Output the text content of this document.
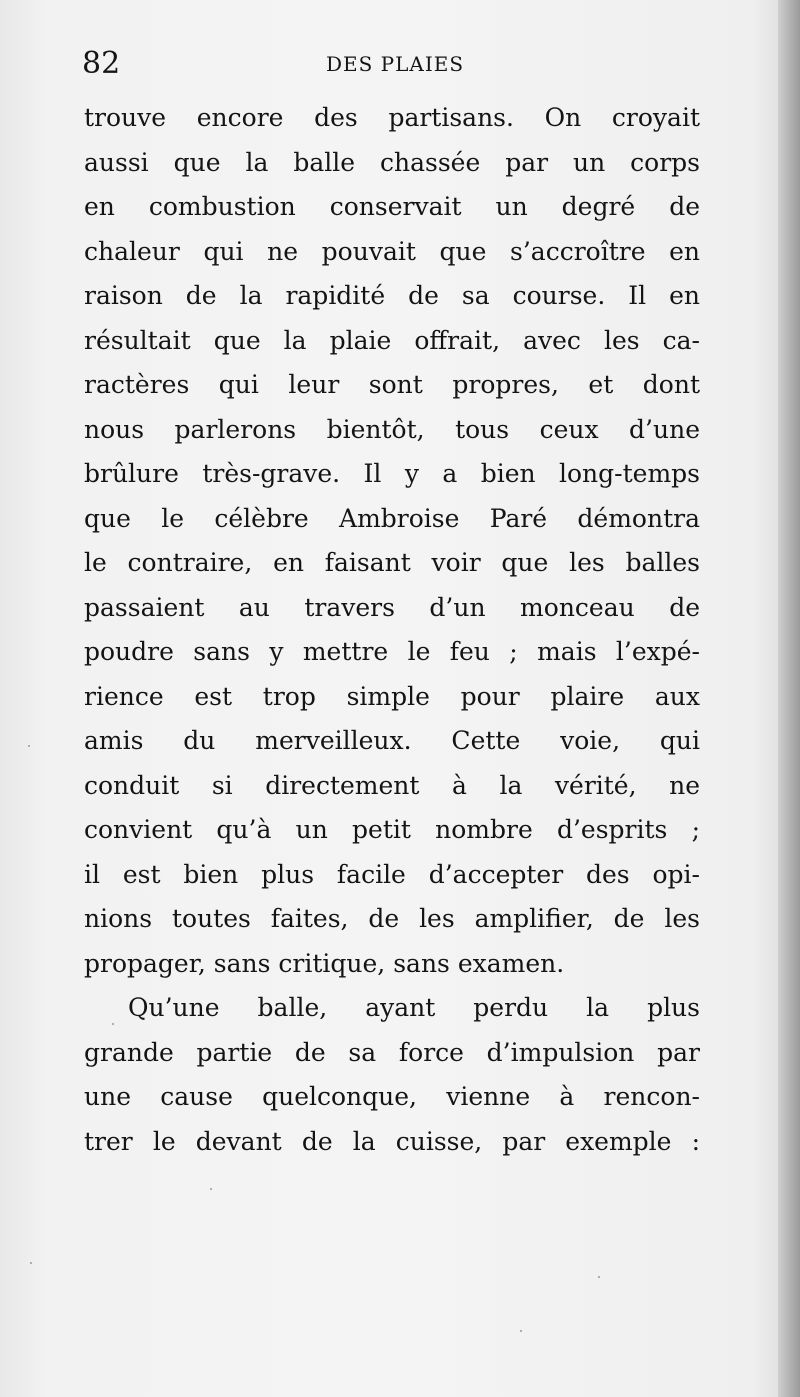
82	DES PLAIES
trouve encore des partisans. On croyait
aussi que la balle chassée par un corps
en combustion conservait un degré de
chaleur qui ne pouvait que s’accroître en
raison de la rapidité de sa course. Il en
résultait que la plaie offrait, avec les ca-
ractères qui leur sont propres, et dont
nous parlerons bientôt, tous ceux d’une
brûlure très-grave. Il y a bien long-temps
que le célèbre Ambroise Paré démontra
le contraire, en faisant voir que les balles
passaient au travers d’un monceau de
poudre sans y mettre le feu ; mais l’expé-
rience est trop simple pour plaire aux
amis du merveilleux. Cette voie, qui
conduit si directement à la vérité, ne
convient qu’à un petit nombre d’esprits ;
il est bien plus facile d’accepter des opi-
nions toutes faites, de les amplifier, de les
propager, sans critique, sans examen.
Qu’une balle, ayant perdu la plus
grande partie de sa force d’impulsion par
une cause quelconque, vienne à rencon-
trer le devant de la cuisse, par exemple :
